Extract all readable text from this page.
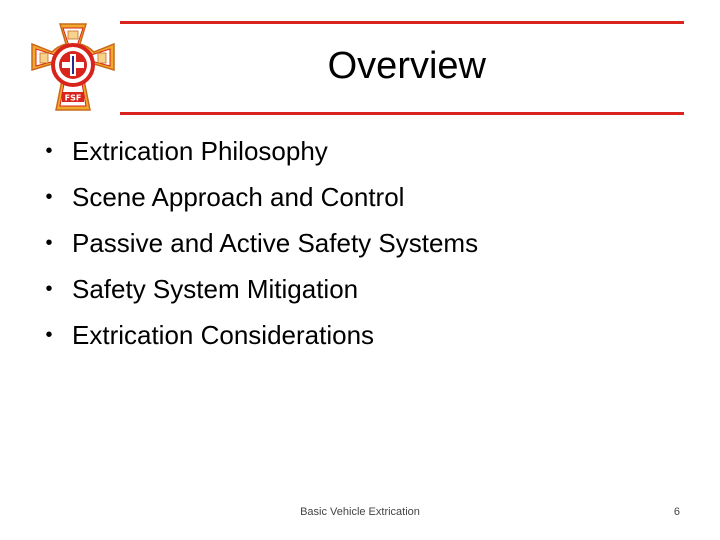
FSF
Overview
• Extrication Philosophy
• Scene Approach and Control
• Passive and Active Safety Systems
• Safety System Mitigation
• Extrication Considerations
Basic Vehicle Extrication	6
